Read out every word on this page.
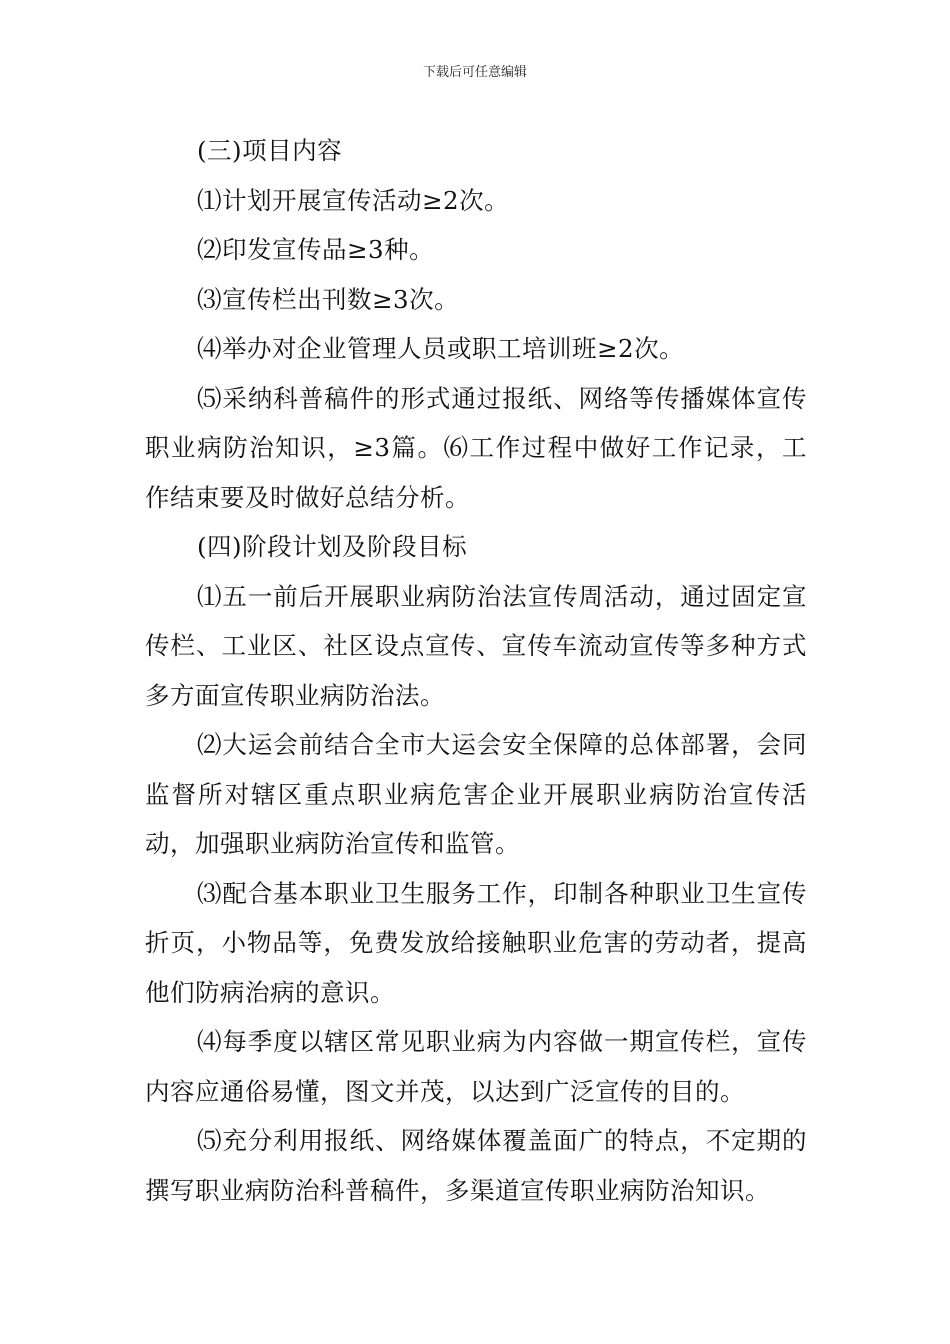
下载后可任意编辑

(三)项目内容

⑴计划开展宣传活动≥2次。

⑵印发宣传品≥3种。

⑶宣传栏出刊数≥3次。

⑷举办对企业管理人员或职工培训班≥2次。

⑸采纳科普稿件的形式通过报纸、网络等传播媒体宣传职业病防治知识，≥3篇。⑹工作过程中做好工作记录，工作结束要及时做好总结分析。

(四)阶段计划及阶段目标

⑴五一前后开展职业病防治法宣传周活动，通过固定宣传栏、工业区、社区设点宣传、宣传车流动宣传等多种方式多方面宣传职业病防治法。

⑵大运会前结合全市大运会安全保障的总体部署，会同监督所对辖区重点职业病危害企业开展职业病防治宣传活动，加强职业病防治宣传和监管。

⑶配合基本职业卫生服务工作，印制各种职业卫生宣传折页，小物品等，免费发放给接触职业危害的劳动者，提高他们防病治病的意识。

⑷每季度以辖区常见职业病为内容做一期宣传栏，宣传内容应通俗易懂，图文并茂，以达到广泛宣传的目的。

⑸充分利用报纸、网络媒体覆盖面广的特点，不定期的撰写职业病防治科普稿件，多渠道宣传职业病防治知识。
